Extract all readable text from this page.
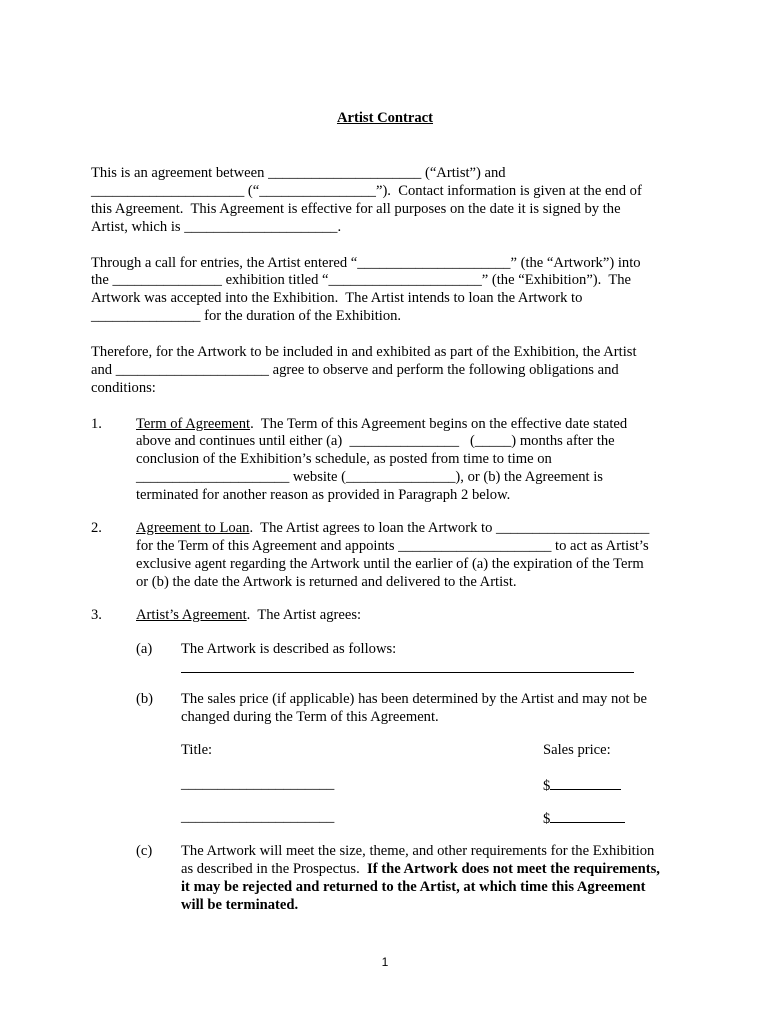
Artist Contract
This is an agreement between _____________________ (“Artist”) and
_____________________ (“________________”).  Contact information is given at the end of
this Agreement.  This Agreement is effective for all purposes on the date it is signed by the
Artist, which is _____________________.
Through a call for entries, the Artist entered “_____________________” (the “Artwork”) into
the _______________ exhibition titled “_____________________” (the “Exhibition”).  The
Artwork was accepted into the Exhibition.  The Artist intends to loan the Artwork to
_______________ for the duration of the Exhibition.
Therefore, for the Artwork to be included in and exhibited as part of the Exhibition, the Artist
and _____________________ agree to observe and perform the following obligations and
conditions:
1. Term of Agreement.  The Term of this Agreement begins on the effective date stated
above and continues until either (a)  _______________   (_____) months after the
conclusion of the Exhibition’s schedule, as posted from time to time on
_____________________ website (_______________), or (b) the Agreement is
terminated for another reason as provided in Paragraph 2 below.
2. Agreement to Loan.  The Artist agrees to loan the Artwork to _____________________
for the Term of this Agreement and appoints _____________________ to act as Artist’s
exclusive agent regarding the Artwork until the earlier of (a) the expiration of the Term
or (b) the date the Artwork is returned and delivered to the Artist.
3. Artist’s Agreement.  The Artist agrees:
(a) The Artwork is described as follows:
(b) The sales price (if applicable) has been determined by the Artist and may not be
changed during the Term of this Agreement.
Title:	Sales price:
_____________________	$
_____________________	$
(c) The Artwork will meet the size, theme, and other requirements for the Exhibition
as described in the Prospectus.  If the Artwork does not meet the requirements,
it may be rejected and returned to the Artist, at which time this Agreement
will be terminated.
1
